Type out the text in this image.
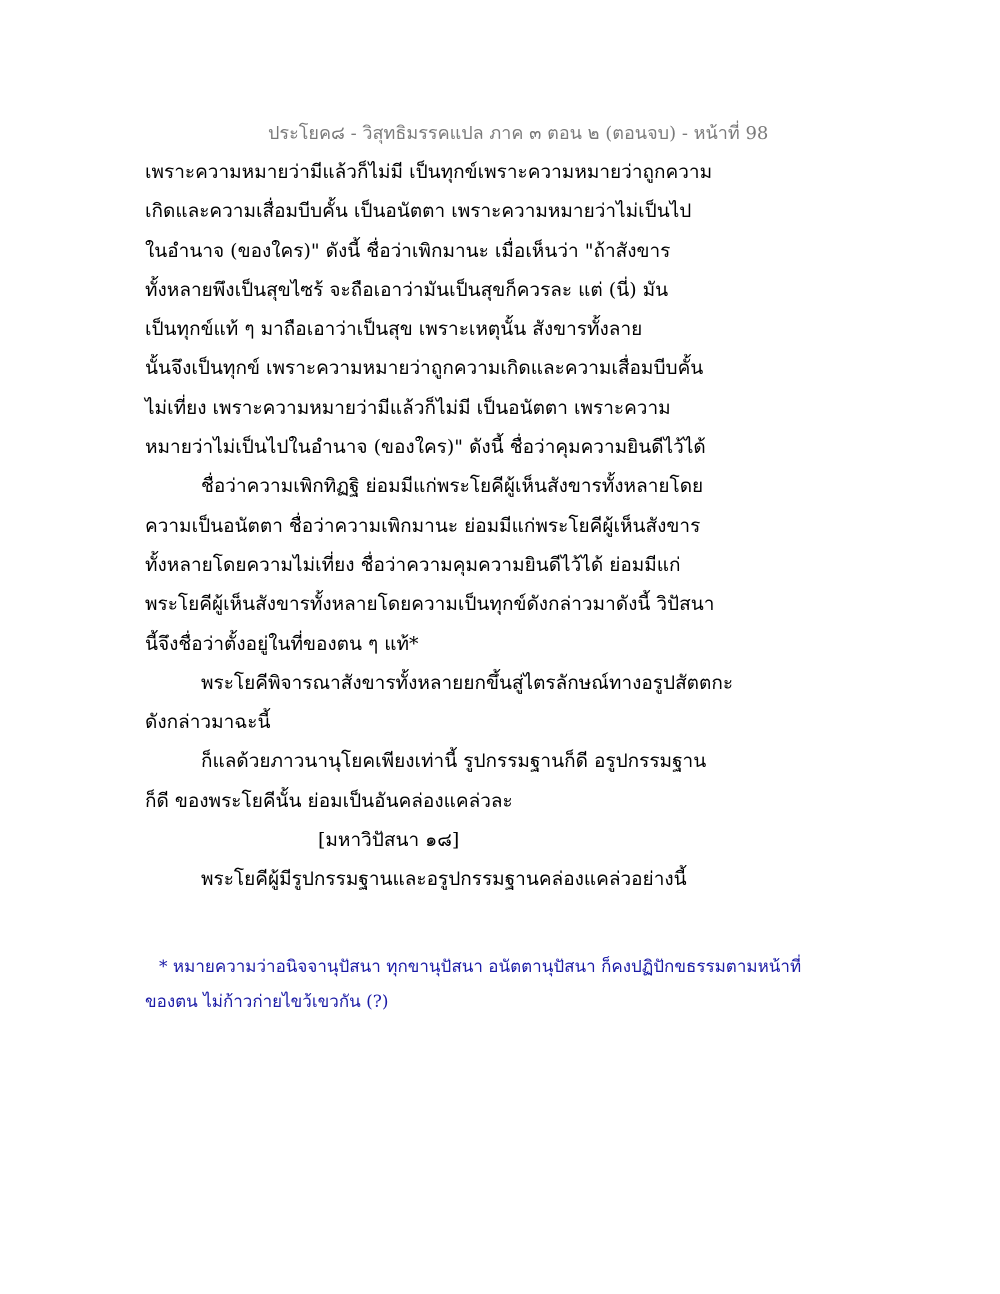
ประโยค๘ - วิสุทธิมรรคแปล ภาค ๓ ตอน ๒ (ตอนจบ) - หน้าที่ 98
เพราะความหมายว่ามีแล้วก็ไม่มี เป็นทุกข์เพราะความหมายว่าถูกความ
เกิดและความเสื่อมบีบคั้น เป็นอนัตตา เพราะความหมายว่าไม่เป็นไป
ในอำนาจ (ของใคร)" ดังนี้ ชื่อว่าเพิกมานะ เมื่อเห็นว่า "ถ้าสังขาร
ทั้งหลายพึงเป็นสุขไซร้ จะถือเอาว่ามันเป็นสุขก็ควรละ แต่ (นี่) มัน
เป็นทุกข์แท้ ๆ มาถือเอาว่าเป็นสุข เพราะเหตุนั้น สังขารทั้งลาย
นั้นจึงเป็นทุกข์ เพราะความหมายว่าถูกความเกิดและความเสื่อมบีบคั้น
ไม่เที่ยง เพราะความหมายว่ามีแล้วก็ไม่มี เป็นอนัตตา เพราะความ
หมายว่าไม่เป็นไปในอำนาจ (ของใคร)" ดังนี้ ชื่อว่าคุมความยินดีไว้ได้
ชื่อว่าความเพิกทิฏฐิ ย่อมมีแก่พระโยคีผู้เห็นสังขารทั้งหลายโดย
ความเป็นอนัตตา ชื่อว่าความเพิกมานะ ย่อมมีแก่พระโยคีผู้เห็นสังขาร
ทั้งหลายโดยความไม่เที่ยง ชื่อว่าความคุมความยินดีไว้ได้ ย่อมมีแก่
พระโยคีผู้เห็นสังขารทั้งหลายโดยความเป็นทุกข์ดังกล่าวมาดังนี้ วิปัสนา
นี้จึงชื่อว่าตั้งอยู่ในที่ของตน ๆ แท้*
พระโยคีพิจารณาสังขารทั้งหลายยกขึ้นสู่ไตรลักษณ์ทางอรูปสัตตกะ
ดังกล่าวมาฉะนี้
ก็แลด้วยภาวนานุโยคเพียงเท่านี้ รูปกรรมฐานก็ดี อรูปกรรมฐาน
ก็ดี ของพระโยคีนั้น ย่อมเป็นอันคล่องแคล่วละ
[มหาวิปัสนา ๑๘]
พระโยคีผู้มีรูปกรรมฐานและอรูปกรรมฐานคล่องแคล่วอย่างนี้
* หมายความว่าอนิจจานุปัสนา ทุกขานุปัสนา อนัตตานุปัสนา ก็คงปฏิปักขธรรมตามหน้าที่
ของตน ไม่ก้าวก่ายไขว้เขวกัน (?)
